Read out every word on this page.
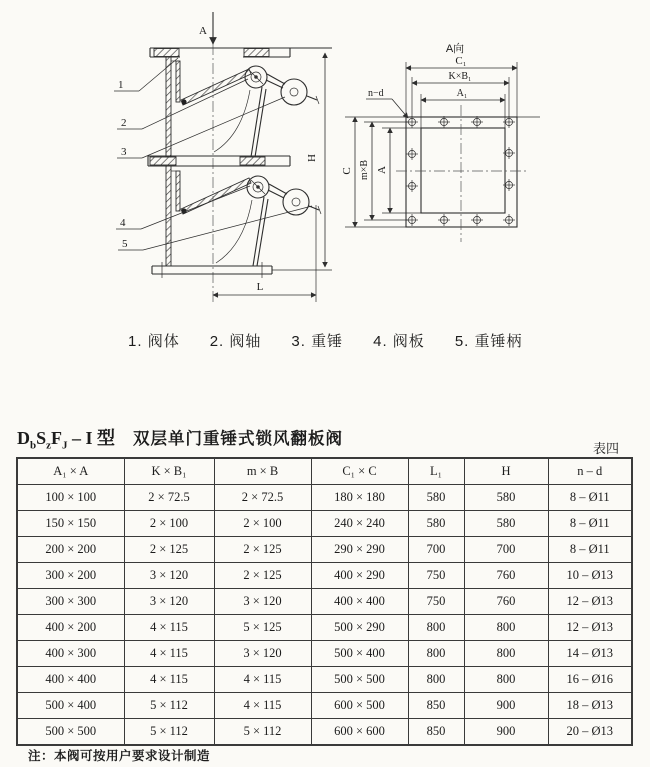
A
1
2
3
4
5
H
L
A向
C₁
K×B₁
A₁
n−d
C m×B A
1. 阀体 2. 阀轴 3. 重锤 4. 阀板 5. 重锤柄
$D_bS_zF_J$ – I 型 双层单门重锤式锁风翻板阀
表四
A₁ × A	K × B₁	m × B	C₁ × C	L₁	H	n – d
100 × 100	2 × 72.5	2 × 72.5	180 × 180	580	580	8 – Ø11
150 × 150	2 × 100	2 × 100	240 × 240	580	580	8 – Ø11
200 × 200	2 × 125	2 × 125	290 × 290	700	700	8 – Ø11
300 × 200	3 × 120	2 × 125	400 × 290	750	760	10 – Ø13
300 × 300	3 × 120	3 × 120	400 × 400	750	760	12 – Ø13
400 × 200	4 × 115	5 × 125	500 × 290	800	800	12 – Ø13
400 × 300	4 × 115	3 × 120	500 × 400	800	800	14 – Ø13
400 × 400	4 × 115	4 × 115	500 × 500	800	800	16 – Ø16
500 × 400	5 × 112	4 × 115	600 × 500	850	900	18 – Ø13
500 × 500	5 × 112	5 × 112	600 × 600	850	900	20 – Ø13
注：本阀可按用户要求设计制造
